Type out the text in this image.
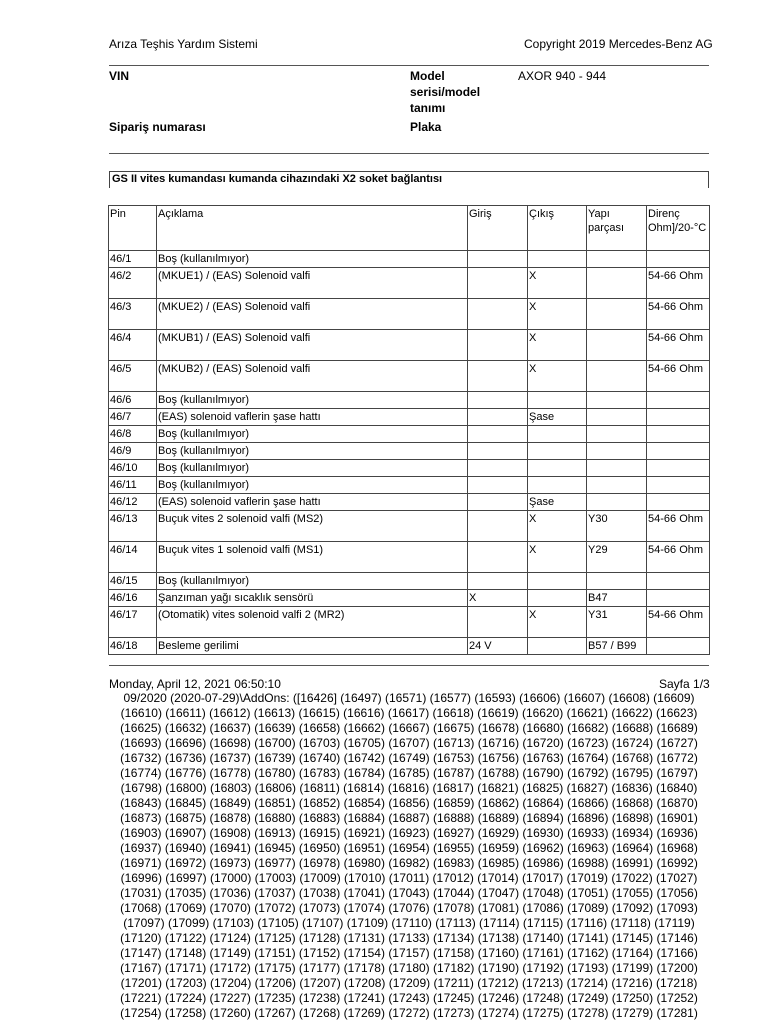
Arıza Teşhis Yardım Sistemi	Copyright 2019 Mercedes-Benz AG
VIN	Model serisi/model tanımı
AXOR 940 - 944
Sipariş numarası	Plaka
GS II vites kumandası kumanda cihazındaki X2 soket bağlantısı
Pin	Açıklama	Giriş	Çıkış	Yapı parçası	Direnç Ohm]/20-°C
46/1	Boş (kullanılmıyor)				
46/2	(MKUE1) / (EAS) Solenoid valfi		X		54-66 Ohm
46/3	(MKUE2) / (EAS) Solenoid valfi		X		54-66 Ohm
46/4	(MKUB1) / (EAS) Solenoid valfi		X		54-66 Ohm
46/5	(MKUB2) / (EAS) Solenoid valfi		X		54-66 Ohm
46/6	Boş (kullanılmıyor)				
46/7	(EAS) solenoid vaflerin şase hattı		Şase		
46/8	Boş (kullanılmıyor)				
46/9	Boş (kullanılmıyor)				
46/10	Boş (kullanılmıyor)				
46/11	Boş (kullanılmıyor)				
46/12	(EAS) solenoid vaflerin şase hattı		Şase		
46/13	Buçuk vites 2 solenoid valfi (MS2)		X	Y30	54-66 Ohm
46/14	Buçuk vites 1 solenoid valfi (MS1)		X	Y29	54-66 Ohm
46/15	Boş (kullanılmıyor)				
46/16	Şanzıman yağı sıcaklık sensörü	X		B47	
46/17	(Otomatik) vites solenoid valfi 2 (MR2)		X	Y31	54-66 Ohm
46/18	Besleme gerilimi	24 V		B57 / B99	
Monday, April 12, 2021 06:50:10	Sayfa 1/3
09/2020 (2020-07-29)\AddOns: ([16426] (16497) (16571) (16577) (16593) (16606) (16607) (16608) (16609) (16610) (16611) (16612) (16613) (16615) (16616) (16617) (16618) (16619) (16620) (16621) (16622) (16623) (16625) (16632) (16637) (16639) (16658) (16662) (16667) (16675) (16678) (16680) (16682) (16688) (16689) (16693) (16696) (16698) (16700) (16703) (16705) (16707) (16713) (16716) (16720) (16723) (16724) (16727) (16732) (16736) (16737) (16739) (16740) (16742) (16749) (16753) (16756) (16763) (16764) (16768) (16772) (16774) (16776) (16778) (16780) (16783) (16784) (16785) (16787) (16788) (16790) (16792) (16795) (16797) (16798) (16800) (16803) (16806) (16811) (16814) (16816) (16817) (16821) (16825) (16827) (16836) (16840) (16843) (16845) (16849) (16851) (16852) (16854) (16856) (16859) (16862) (16864) (16866) (16868) (16870) (16873) (16875) (16878) (16880) (16883) (16884) (16887) (16888) (16889) (16894) (16896) (16898) (16901) (16903) (16907) (16908) (16913) (16915) (16921) (16923) (16927) (16929) (16930) (16933) (16934) (16936) (16937) (16940) (16941) (16945) (16950) (16951) (16954) (16955) (16959) (16962) (16963) (16964) (16968) (16971) (16972) (16973) (16977) (16978) (16980) (16982) (16983) (16985) (16986) (16988) (16991) (16992) (16996) (16997) (17000) (17003) (17009) (17010) (17011) (17012) (17014) (17017) (17019) (17022) (17027) (17031) (17035) (17036) (17037) (17038) (17041) (17043) (17044) (17047) (17048) (17051) (17055) (17056) (17068) (17069) (17070) (17072) (17073) (17074) (17076) (17078) (17081) (17086) (17089) (17092) (17093) (17097) (17099) (17103) (17105) (17107) (17109) (17110) (17113) (17114) (17115) (17116) (17118) (17119) (17120) (17122) (17124) (17125) (17128) (17131) (17133) (17134) (17138) (17140) (17141) (17145) (17146) (17147) (17148) (17149) (17151) (17152) (17154) (17157) (17158) (17160) (17161) (17162) (17164) (17166) (17167) (17171) (17172) (17175) (17177) (17178) (17180) (17182) (17190) (17192) (17193) (17199) (17200) (17201) (17203) (17204) (17206) (17207) (17208) (17209) (17211) (17212) (17213) (17214) (17216) (17218) (17221) (17224) (17227) (17235) (17238) (17241) (17243) (17245) (17246) (17248) (17249) (17250) (17252) (17254) (17258) (17260) (17267) (17268) (17269) (17272) (17273) (17274) (17275) (17278) (17279) (17281)
